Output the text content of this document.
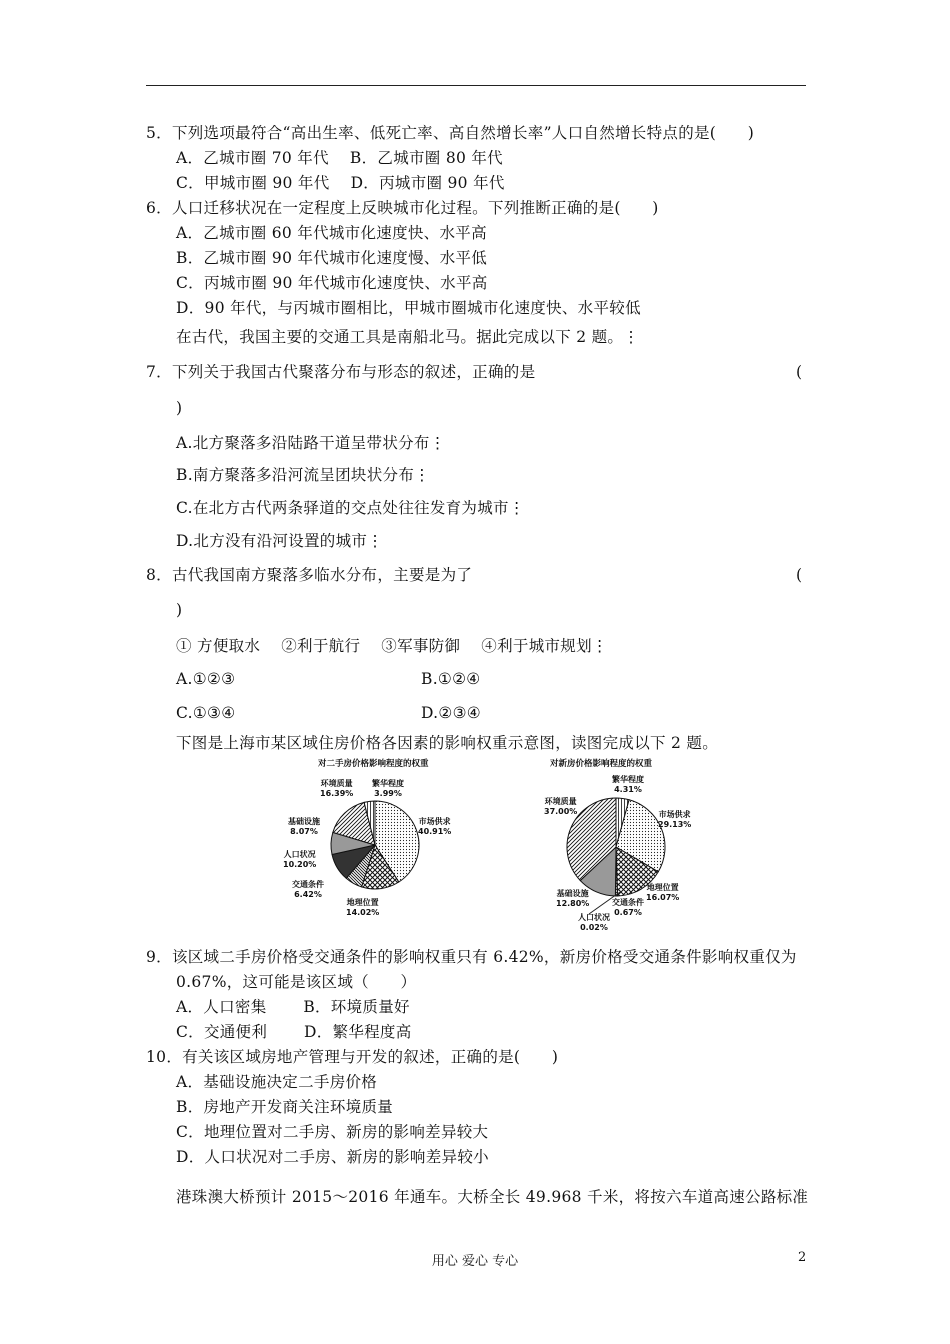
5．下列选项最符合“高出生率、低死亡率、高自然增长率”人口自然增长特点的是(　　)
A．乙城市圈 70 年代　 B．乙城市圈 80 年代
C．甲城市圈 90 年代　 D．丙城市圈 90 年代
6．人口迁移状况在一定程度上反映城市化过程。下列推断正确的是(　　)
A．乙城市圈 60 年代城市化速度快、水平高
B．乙城市圈 90 年代城市化速度慢、水平低
C．丙城市圈 90 年代城市化速度快、水平高
D．90 年代，与丙城市圈相比，甲城市圈城市化速度快、水平较低
在古代，我国主要的交通工具是南船北马。据此完成以下 2 题。⋮
7．下列关于我国古代聚落分布与形态的叙述，正确的是	(
)
A.北方聚落多沿陆路干道呈带状分布⋮
B.南方聚落多沿河流呈团块状分布⋮
C.在北方古代两条驿道的交点处往往发育为城市⋮
D.北方没有沿河设置的城市⋮
8．古代我国南方聚落多临水分布，主要是为了	(
)
① 方便取水　 ②利于航行　 ③军事防御　 ④利于城市规划⋮
A.①②③	B.①②④
C.①③④	D.②③④
下图是上海市某区域住房价格各因素的影响权重示意图，读图完成以下 2 题。
对二手房价格影响程度的权重
环境质量
16.39%
繁华程度
3.99%
市场供求
40.91%
基础设施
8.07%
人口状况
10.20%
交通条件
6.42%
地理位置
14.02%
对新房价格影响程度的权重
繁华程度
4.31%
市场供求
29.13%
环境质量
37.00%
地理位置
16.07%
基础设施
12.80%	交通条件
0.67%
人口状况
0.02%
9．该区域二手房价格受交通条件的影响权重只有 6.42%，新房价格受交通条件影响权重仅为
0.67%，这可能是该区域（　　）
A．人口密集　　 B．环境质量好
C．交通便利　　 D．繁华程度高
10．有关该区域房地产管理与开发的叙述，正确的是(　　)
A．基础设施决定二手房价格
B．房地产开发商关注环境质量
C．地理位置对二手房、新房的影响差异较大
D．人口状况对二手房、新房的影响差异较小
港珠澳大桥预计 2015～2016 年通车。大桥全长 49.968 千米，将按六车道高速公路标准
用心 爱心 专心	2
